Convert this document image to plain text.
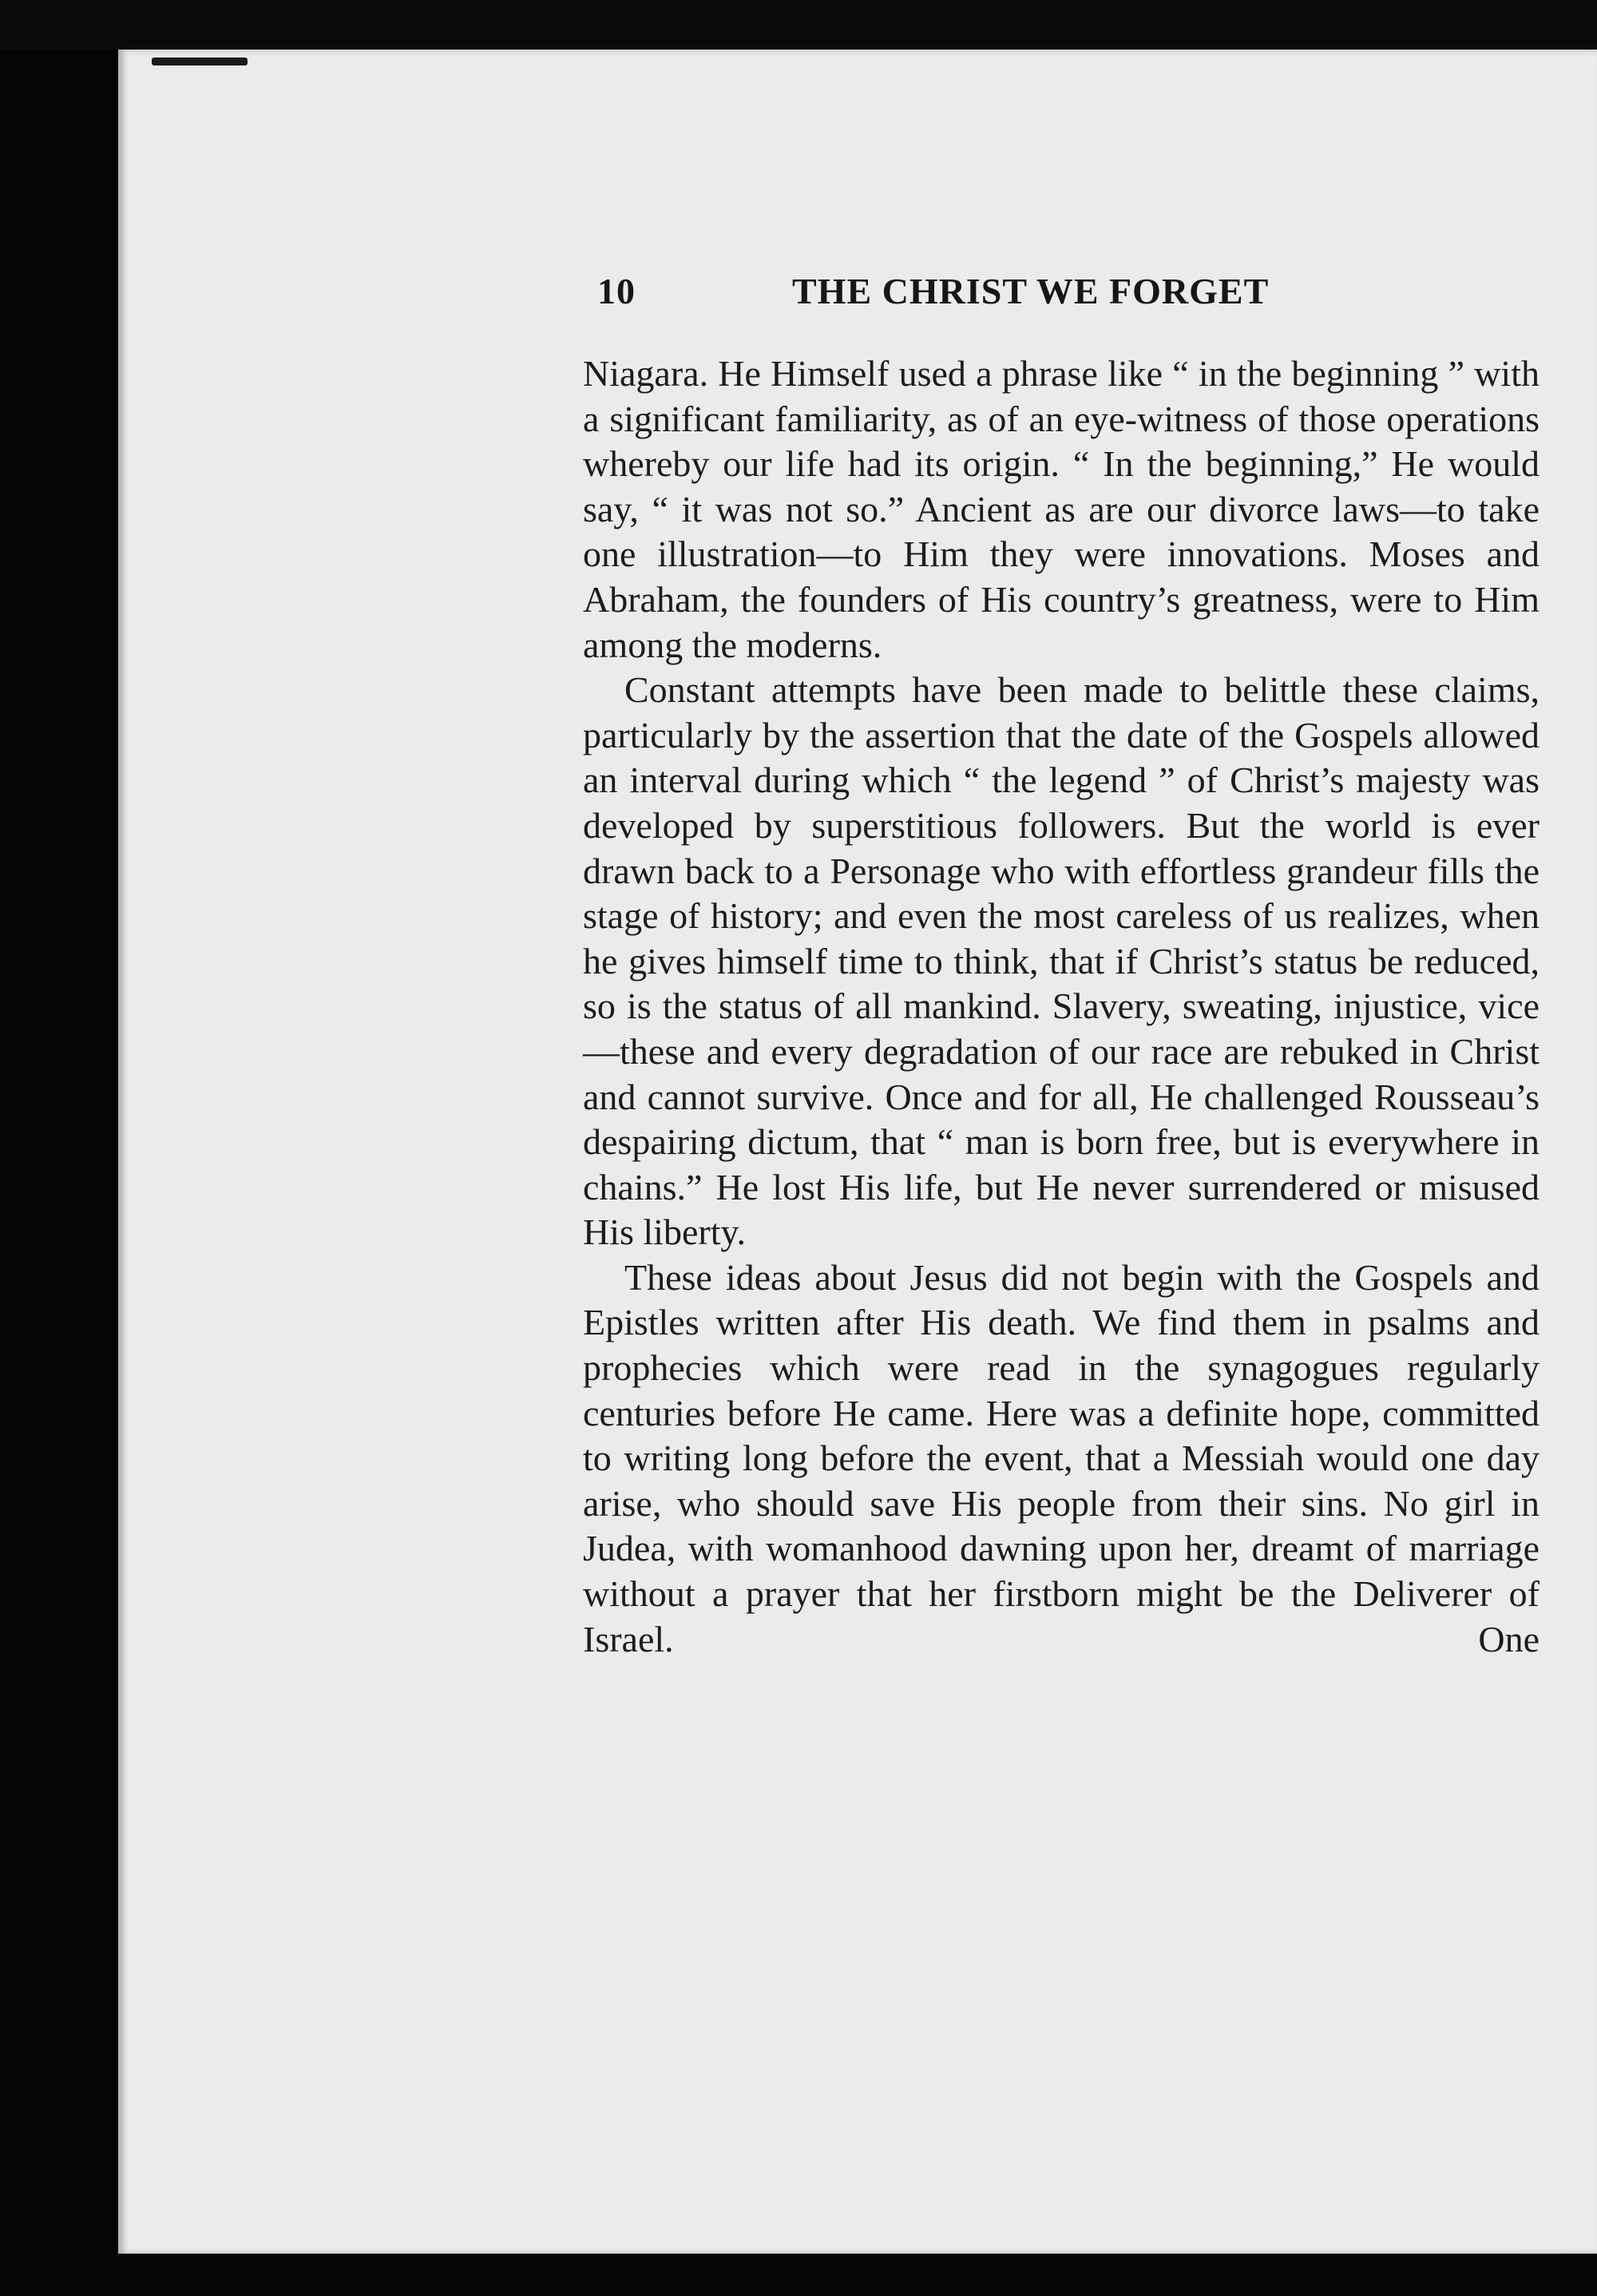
10	THE CHRIST WE FORGET

Niagara. He Himself used a phrase like “ in the beginning ” with a significant familiarity, as of an eye-witness of those operations whereby our life had its origin. “ In the beginning,” He would say, “ it was not so.” Ancient as are our divorce laws—to take one illustration—to Him they were innovations. Moses and Abraham, the founders of His country’s greatness, were to Him among the moderns.

Constant attempts have been made to belittle these claims, particularly by the assertion that the date of the Gospels allowed an interval during which “ the legend ” of Christ’s majesty was developed by superstitious followers. But the world is ever drawn back to a Personage who with effortless grandeur fills the stage of history; and even the most careless of us realizes, when he gives himself time to think, that if Christ’s status be reduced, so is the status of all mankind. Slavery, sweating, injustice, vice—these and every degradation of our race are rebuked in Christ and cannot survive. Once and for all, He challenged Rousseau’s despairing dictum, that “ man is born free, but is everywhere in chains.” He lost His life, but He never surrendered or misused His liberty.

These ideas about Jesus did not begin with the Gospels and Epistles written after His death. We find them in psalms and prophecies which were read in the synagogues regularly centuries before He came. Here was a definite hope, committed to writing long before the event, that a Messiah would one day arise, who should save His people from their sins. No girl in Judea, with womanhood dawning upon her, dreamt of marriage without a prayer that her firstborn might be the Deliverer of Israel. One
